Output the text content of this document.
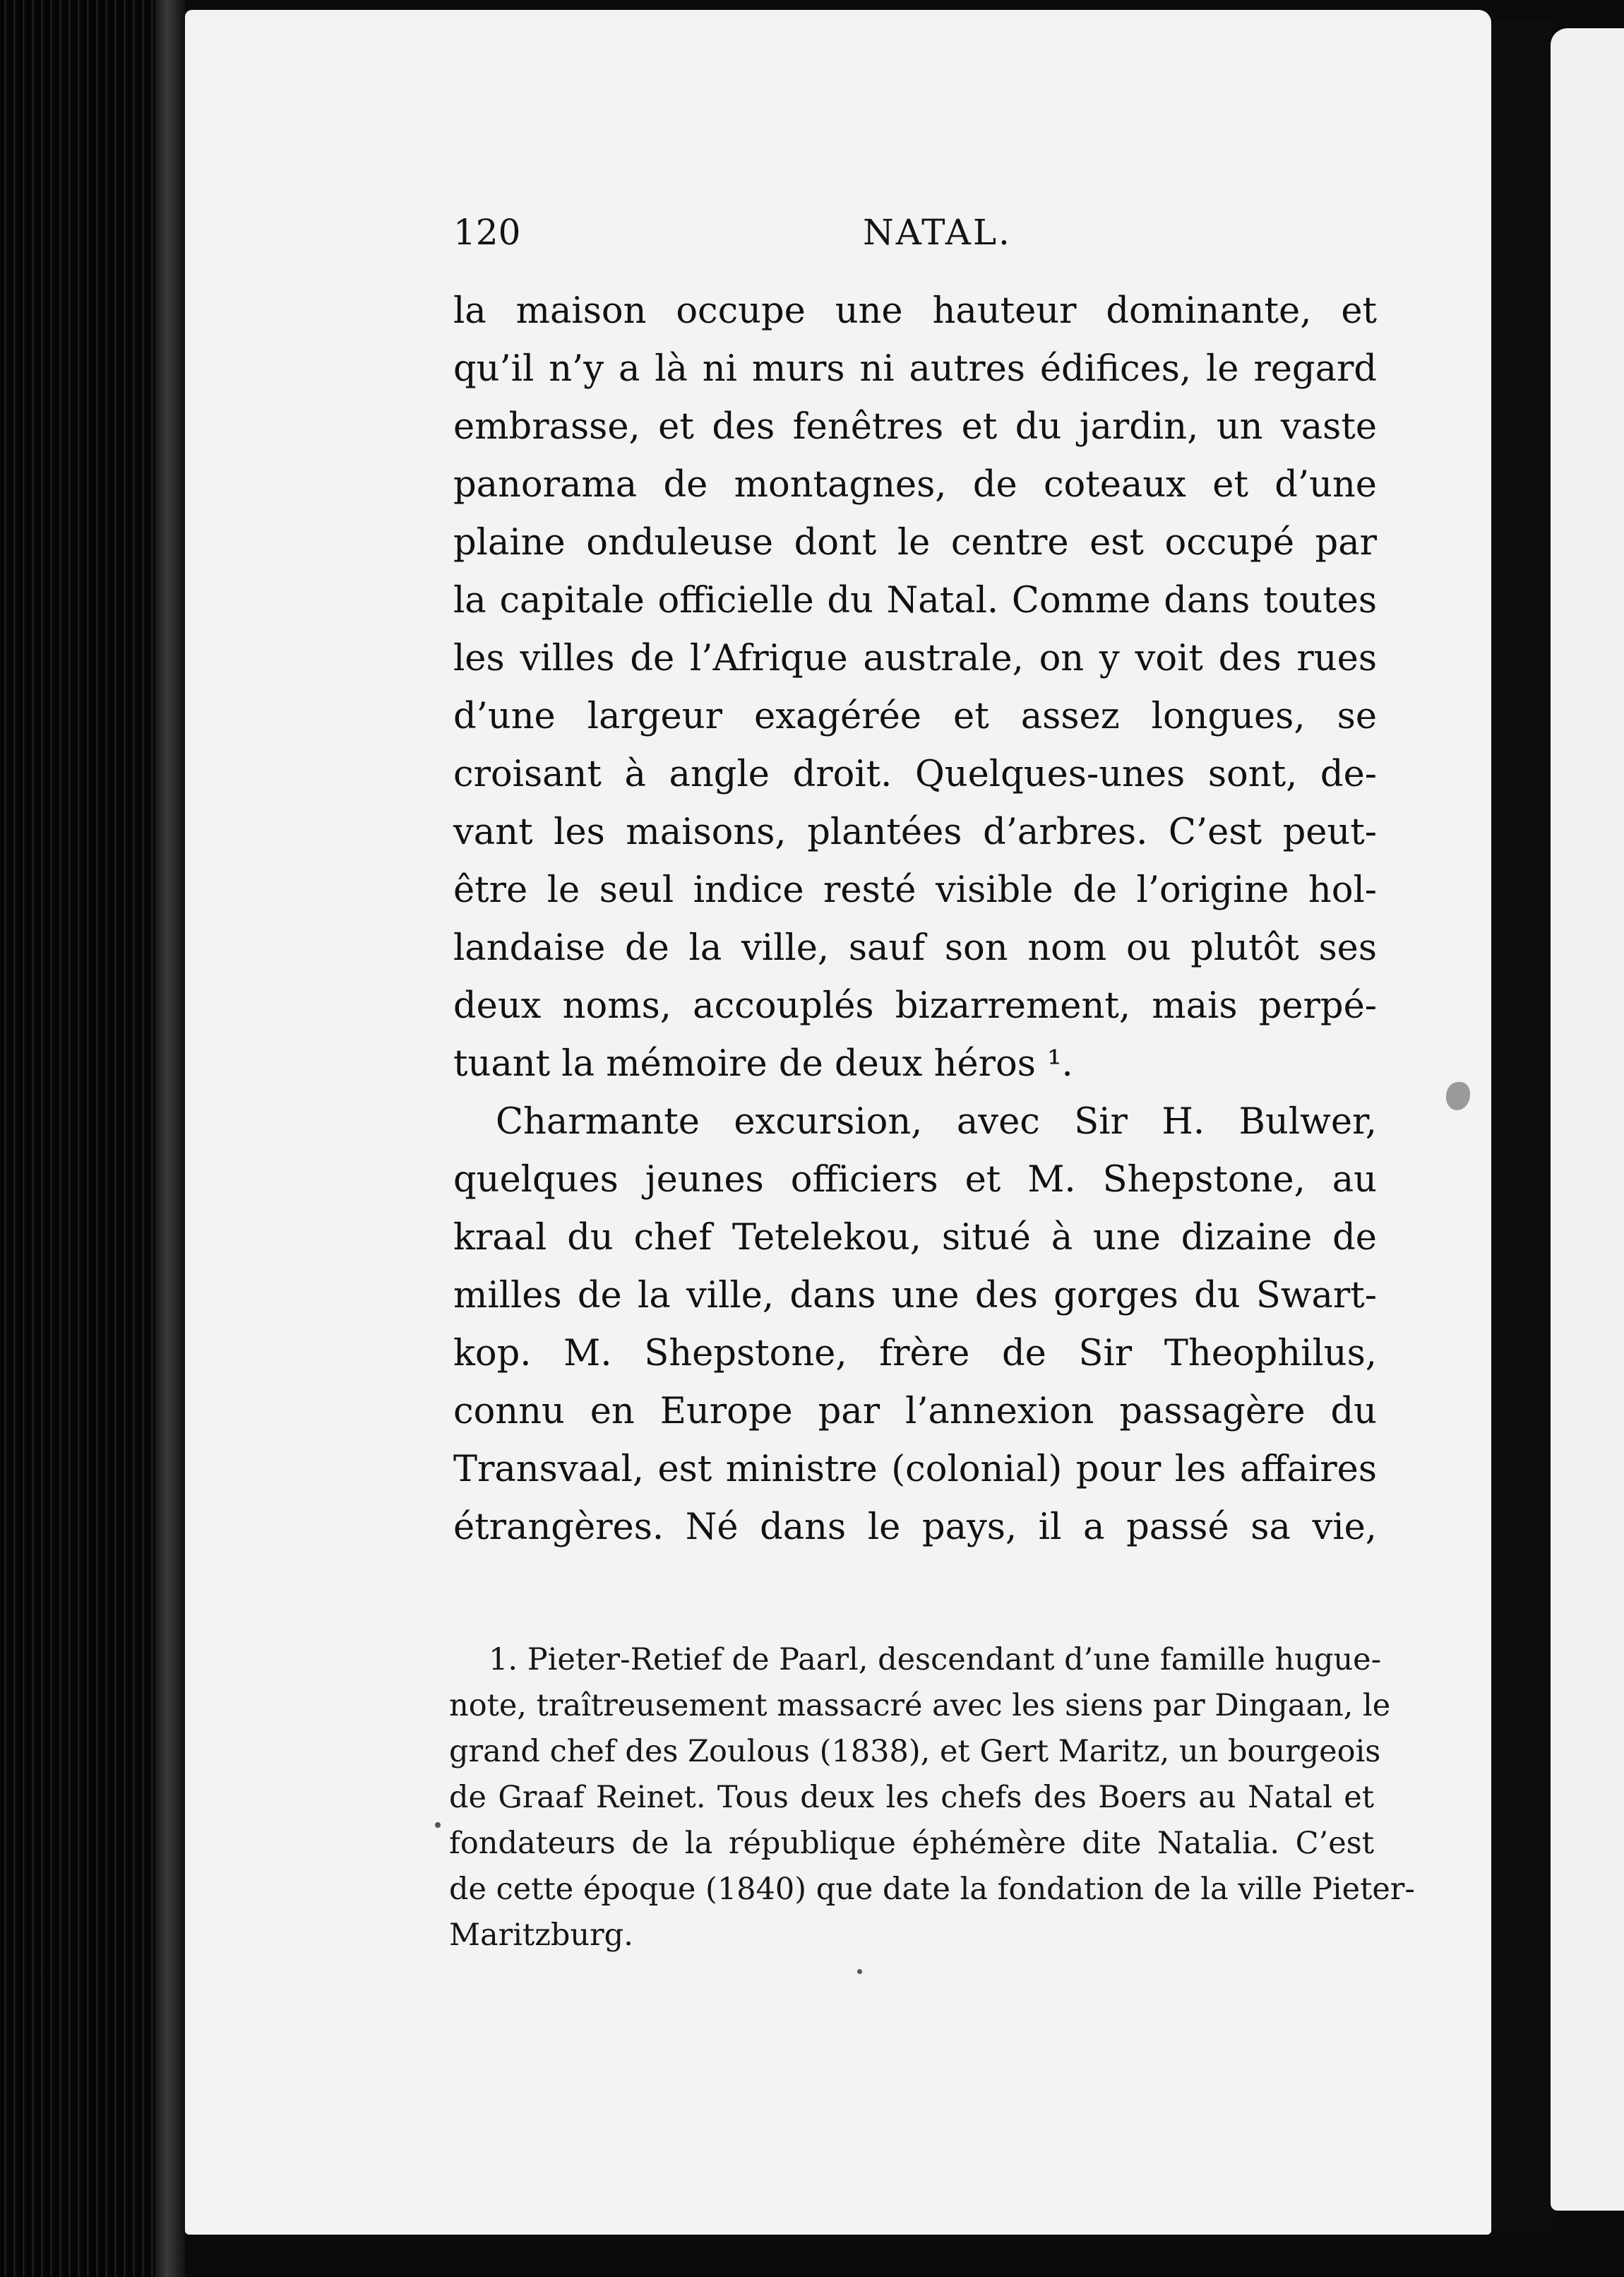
120	NATAL.
la maison occupe une hauteur dominante, et
qu’il n’y a là ni murs ni autres édifices, le regard
embrasse, et des fenêtres et du jardin, un vaste
panorama de montagnes, de coteaux et d’une
plaine onduleuse dont le centre est occupé par
la capitale officielle du Natal. Comme dans toutes
les villes de l’Afrique australe, on y voit des rues
d’une largeur exagérée et assez longues, se
croisant à angle droit. Quelques-unes sont, de-
vant les maisons, plantées d’arbres. C’est peut-
être le seul indice resté visible de l’origine hol-
landaise de la ville, sauf son nom ou plutôt ses
deux noms, accouplés bizarrement, mais perpé-
tuant la mémoire de deux héros ¹.
Charmante excursion, avec Sir H. Bulwer,
quelques jeunes officiers et M. Shepstone, au
kraal du chef Tetelekou, situé à une dizaine de
milles de la ville, dans une des gorges du Swart-
kop. M. Shepstone, frère de Sir Theophilus,
connu en Europe par l’annexion passagère du
Transvaal, est ministre (colonial) pour les affaires
étrangères. Né dans le pays, il a passé sa vie,
1. Pieter-Retief de Paarl, descendant d’une famille hugue-
note, traîtreusement massacré avec les siens par Dingaan, le
grand chef des Zoulous (1838), et Gert Maritz, un bourgeois
de Graaf Reinet. Tous deux les chefs des Boers au Natal et
fondateurs de la république éphémère dite Natalia. C’est
de cette époque (1840) que date la fondation de la ville Pieter-
Maritzburg.
